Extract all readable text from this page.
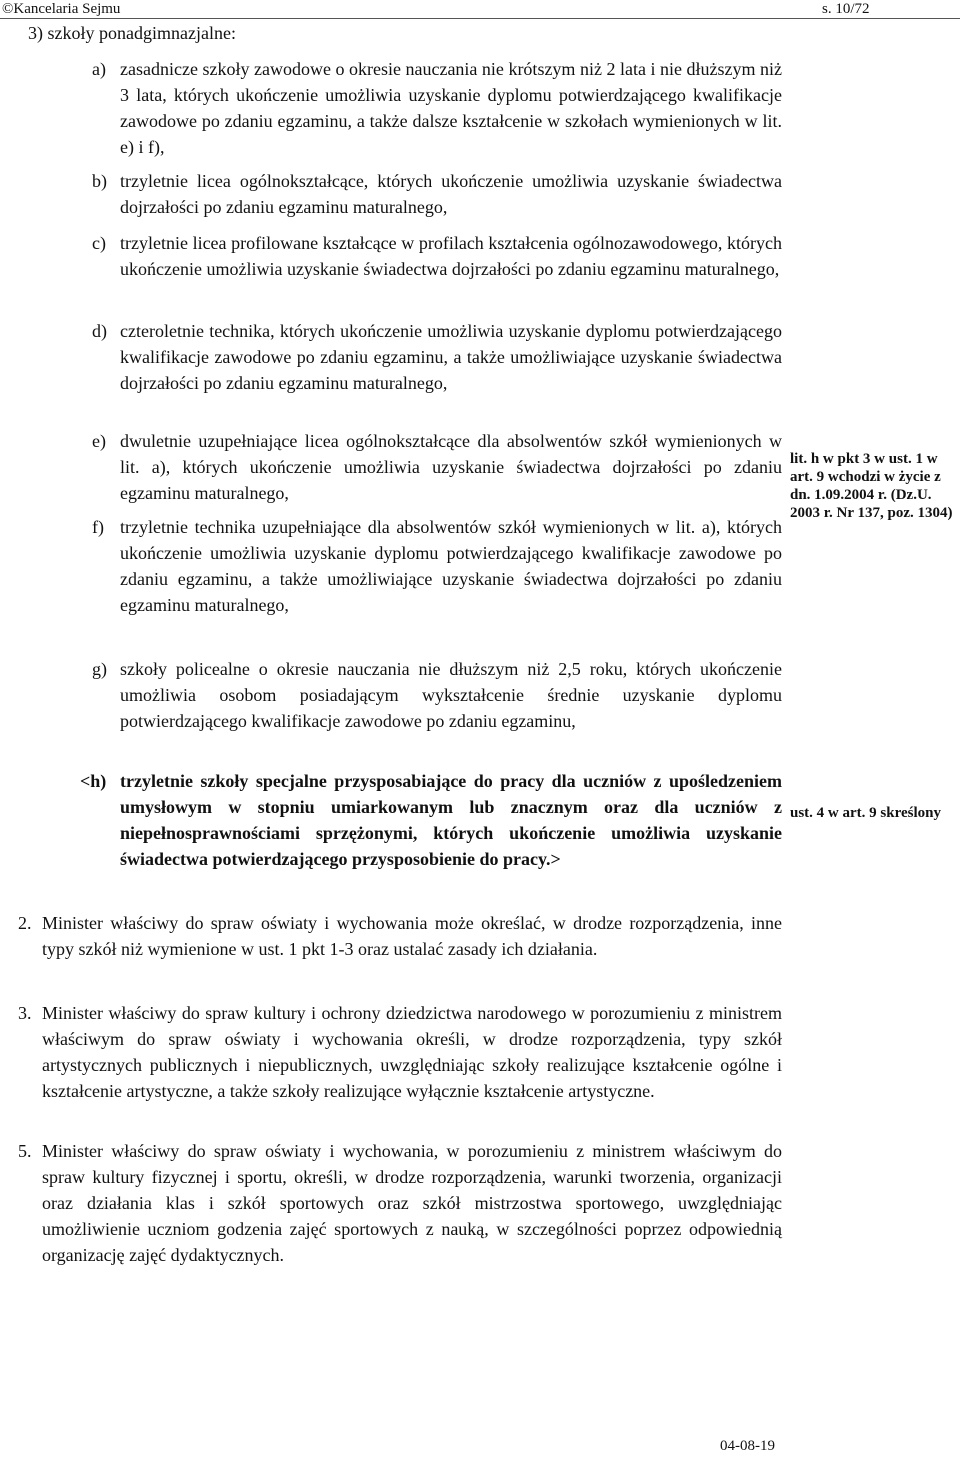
©Kancelaria Sejmu	s. 10/72
3) szkoły ponadgimnazjalne:
a) zasadnicze szkoły zawodowe o okresie nauczania nie krótszym niż 2 lata i nie dłuższym niż 3 lata, których ukończenie umożliwia uzyskanie dyplomu potwierdzającego kwalifikacje zawodowe po zdaniu egzaminu, a także dalsze kształcenie w szkołach wymienionych w lit. e) i f),
b) trzyletnie licea ogólnokształcące, których ukończenie umożliwia uzyskanie świadectwa dojrzałości po zdaniu egzaminu maturalnego,
c) trzyletnie licea profilowane kształcące w profilach kształcenia ogólnozawodowego, których ukończenie umożliwia uzyskanie świadectwa dojrzałości po zdaniu egzaminu maturalnego,
d) czteroletnie technika, których ukończenie umożliwia uzyskanie dyplomu potwierdzającego kwalifikacje zawodowe po zdaniu egzaminu, a także umożliwiające uzyskanie świadectwa dojrzałości po zdaniu egzaminu maturalnego,
e) dwuletnie uzupełniające licea ogólnokształcące dla absolwentów szkół wymienionych w lit. a), których ukończenie umożliwia uzyskanie świadectwa dojrzałości po zdaniu egzaminu maturalnego,
f) trzyletnie technika uzupełniające dla absolwentów szkół wymienionych w lit. a), których ukończenie umożliwia uzyskanie dyplomu potwierdzającego kwalifikacje zawodowe po zdaniu egzaminu, a także umożliwiające uzyskanie świadectwa dojrzałości po zdaniu egzaminu maturalnego,
g) szkoły policealne o okresie nauczania nie dłuższym niż 2,5 roku, których ukończenie umożliwia osobom posiadającym wykształcenie średnie uzyskanie dyplomu potwierdzającego kwalifikacje zawodowe po zdaniu egzaminu,
<h) trzyletnie szkoły specjalne przysposabiające do pracy dla uczniów z upośledzeniem umysłowym w stopniu umiarkowanym lub znacznym oraz dla uczniów z niepełnosprawnościami sprzężonymi, których ukończenie umożliwia uzyskanie świadectwa potwierdzającego przysposobienie do pracy.>
2. Minister właściwy do spraw oświaty i wychowania może określać, w drodze rozporządzenia, inne typy szkół niż wymienione w ust. 1 pkt 1-3 oraz ustalać zasady ich działania.
3. Minister właściwy do spraw kultury i ochrony dziedzictwa narodowego w porozumieniu z ministrem właściwym do spraw oświaty i wychowania określi, w drodze rozporządzenia, typy szkół artystycznych publicznych i niepublicznych, uwzględniając szkoły realizujące kształcenie ogólne i kształcenie artystyczne, a także szkoły realizujące wyłącznie kształcenie artystyczne.
5. Minister właściwy do spraw oświaty i wychowania, w porozumieniu z ministrem właściwym do spraw kultury fizycznej i sportu, określi, w drodze rozporządzenia, warunki tworzenia, organizacji oraz działania klas i szkół sportowych oraz szkół mistrzostwa sportowego, uwzględniając umożliwienie uczniom godzenia zajęć sportowych z nauką, w szczególności poprzez odpowiednią organizację zajęć dydaktycznych.
lit. h w pkt 3 w ust. 1 w art. 9 wchodzi w życie z dn. 1.09.2004 r. (Dz.U. 2003 r. Nr 137, poz. 1304)
ust. 4 w art. 9 skreślony
04-08-19
